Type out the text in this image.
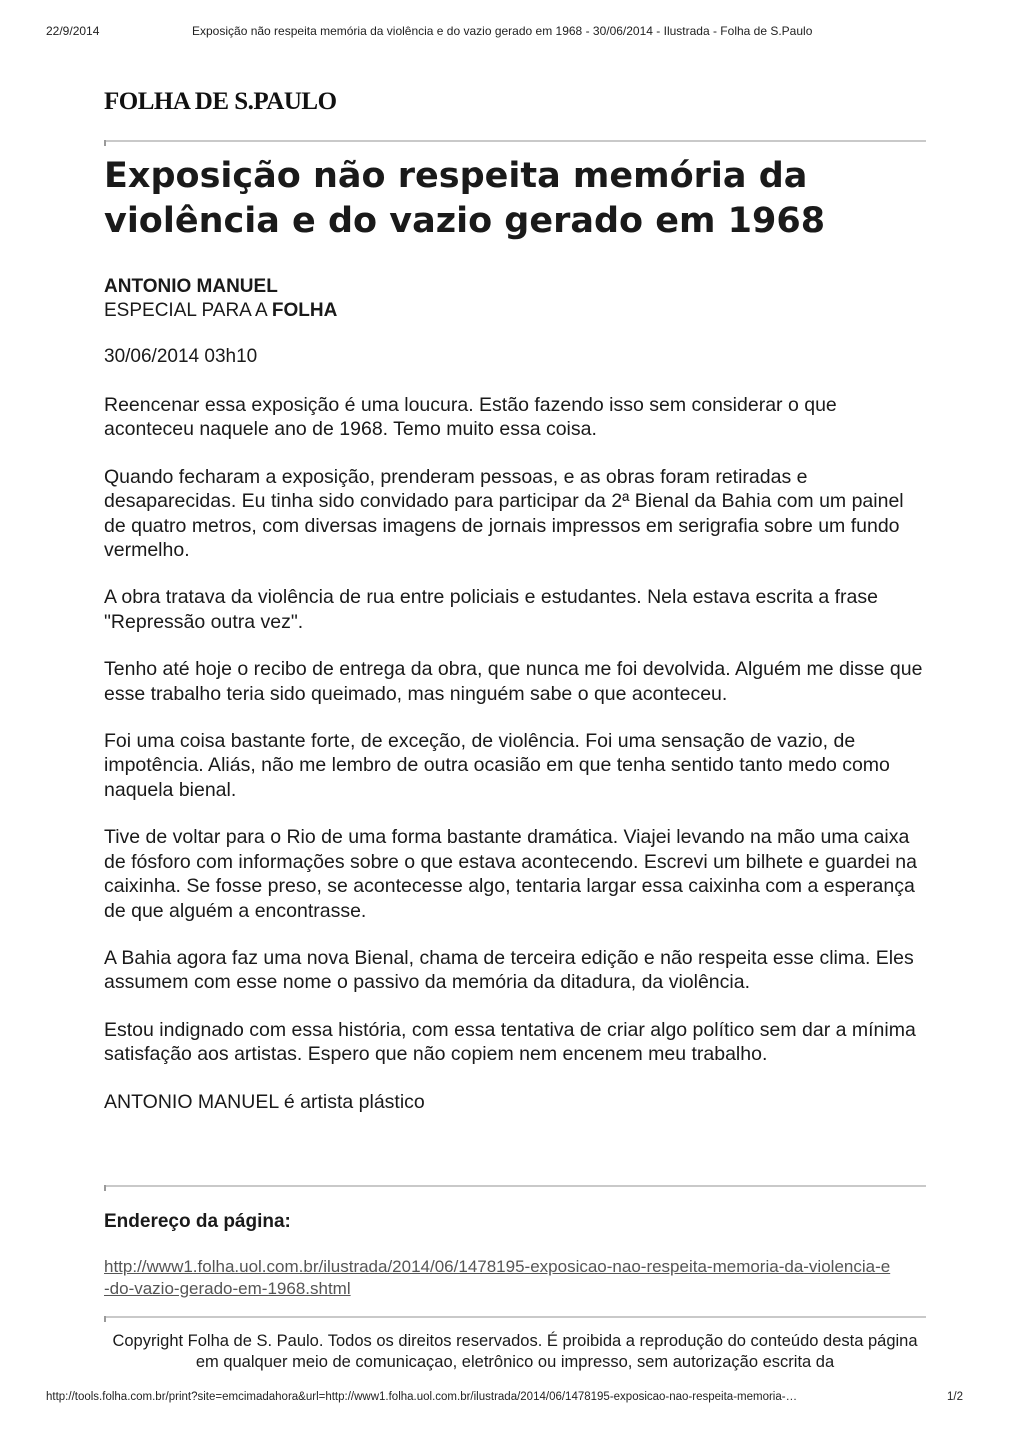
22/9/2014	Exposição não respeita memória da violência e do vazio gerado em 1968 - 30/06/2014 - Ilustrada - Folha de S.Paulo
FOLHA DE S.PAULO
Exposição não respeita memória da violência e do vazio gerado em 1968
ANTONIO MANUEL
ESPECIAL PARA A FOLHA
30/06/2014 03h10

Reencenar essa exposição é uma loucura. Estão fazendo isso sem considerar o que aconteceu naquele ano de 1968. Temo muito essa coisa.

Quando fecharam a exposição, prenderam pessoas, e as obras foram retiradas e desaparecidas. Eu tinha sido convidado para participar da 2ª Bienal da Bahia com um painel de quatro metros, com diversas imagens de jornais impressos em serigrafia sobre um fundo vermelho.

A obra tratava da violência de rua entre policiais e estudantes. Nela estava escrita a frase "Repressão outra vez".

Tenho até hoje o recibo de entrega da obra, que nunca me foi devolvida. Alguém me disse que esse trabalho teria sido queimado, mas ninguém sabe o que aconteceu.

Foi uma coisa bastante forte, de exceção, de violência. Foi uma sensação de vazio, de impotência. Aliás, não me lembro de outra ocasião em que tenha sentido tanto medo como naquela bienal.

Tive de voltar para o Rio de uma forma bastante dramática. Viajei levando na mão uma caixa de fósforo com informações sobre o que estava acontecendo. Escrevi um bilhete e guardei na caixinha. Se fosse preso, se acontecesse algo, tentaria largar essa caixinha com a esperança de que alguém a encontrasse.

A Bahia agora faz uma nova Bienal, chama de terceira edição e não respeita esse clima. Eles assumem com esse nome o passivo da memória da ditadura, da violência.

Estou indignado com essa história, com essa tentativa de criar algo político sem dar a mínima satisfação aos artistas. Espero que não copiem nem encenem meu trabalho.

ANTONIO MANUEL é artista plástico

Endereço da página:
http://www1.folha.uol.com.br/ilustrada/2014/06/1478195-exposicao-nao-respeita-memoria-da-violencia-e-do-vazio-gerado-em-1968.shtml
Copyright Folha de S. Paulo. Todos os direitos reservados. É proibida a reprodução do conteúdo desta página em qualquer meio de comunicaçao, eletrônico ou impresso, sem autorização escrita da
http://tools.folha.com.br/print?site=emcimadahora&url=http://www1.folha.uol.com.br/ilustrada/2014/06/1478195-exposicao-nao-respeita-memoria-…	1/2
